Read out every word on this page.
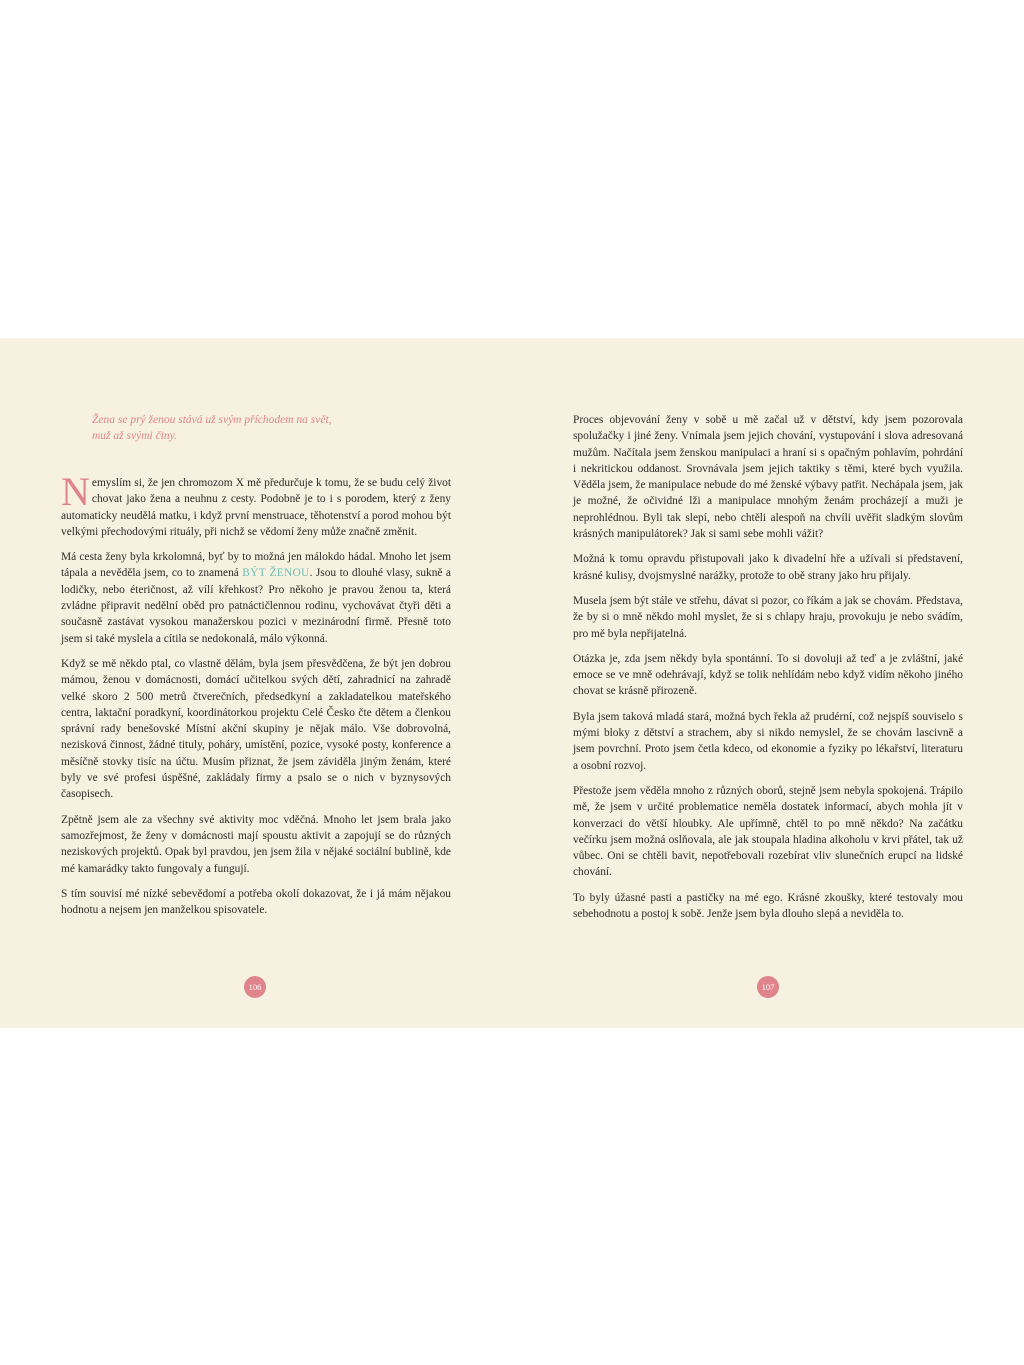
Žena se prý ženou stává už svým příchodem na svět,
muž až svými činy.

Nemyslím si, že jen chromozom X mě předurčuje k tomu, že se budu celý život chovat jako žena a neuhnu z cesty. Podobně je to i s porodem, který z ženy automaticky neudělá matku, i když první menstruace, těhotenství a porod mohou být velkými přechodovými rituály, při nichž se vědomí ženy může značně změnit.

Má cesta ženy byla krkolomná, byť by to možná jen málokdo hádal. Mnoho let jsem tápala a nevěděla jsem, co to znamená BÝT ŽENOU. Jsou to dlouhé vlasy, sukně a lodičky, nebo éteričnost, až vílí křehkost? Pro někoho je pravou ženou ta, která zvládne připravit nedělní oběd pro patnáctičlennou rodinu, vychovávat čtyři děti a současně zastávat vysokou manažerskou pozici v mezinárodní firmě. Přesně toto jsem si také myslela a cítila se nedokonalá, málo výkonná.

Když se mě někdo ptal, co vlastně dělám, byla jsem přesvědčena, že být jen dobrou mámou, ženou v domácnosti, domácí učitelkou svých dětí, zahradnicí na zahradě velké skoro 2 500 metrů čtverečních, předsedkyní a zakladatelkou mateřského centra, laktační poradkyní, koordinátorkou projektu Celé Česko čte dětem a členkou správní rady benešovské Místní akční skupiny je nějak málo. Vše dobrovolná, nezisková činnost, žádné tituly, poháry, umístění, pozice, vysoké posty, konference a měsíčně stovky tisíc na účtu. Musím přiznat, že jsem záviděla jiným ženám, které byly ve své profesi úspěšné, zakládaly firmy a psalo se o nich v byznysových časopisech.

Zpětně jsem ale za všechny své aktivity moc vděčná. Mnoho let jsem brala jako samozřejmost, že ženy v domácnosti mají spoustu aktivit a zapojují se do různých neziskových projektů. Opak byl pravdou, jen jsem žila v nějaké sociální bublině, kde mé kamarádky takto fungovaly a fungují.

S tím souvisí mé nízké sebevědomí a potřeba okolí dokazovat, že i já mám nějakou hodnotu a nejsem jen manželkou spisovatele.

106

Proces objevování ženy v sobě u mě začal už v dětství, kdy jsem pozorovala spolužačky i jiné ženy. Vnímala jsem jejich chování, vystupování i slova adresovaná mužům. Načítala jsem ženskou manipulaci a hraní si s opačným pohlavím, pohrdání i nekritickou oddanost. Srovnávala jsem jejich taktiky s těmi, které bych využila. Věděla jsem, že manipulace nebude do mé ženské výbavy patřit. Nechápala jsem, jak je možné, že očividné lži a manipulace mnohým ženám procházejí a muži je neprohlédnou. Byli tak slepí, nebo chtěli alespoň na chvíli uvěřit sladkým slovům krásných manipulátorek? Jak si sami sebe mohli vážit?

Možná k tomu opravdu přistupovali jako k divadelní hře a užívali si představení, krásné kulisy, dvojsmyslné narážky, protože to obě strany jako hru přijaly.

Musela jsem být stále ve střehu, dávat si pozor, co říkám a jak se chovám. Představa, že by si o mně někdo mohl myslet, že si s chlapy hraju, provokuju je nebo svádím, pro mě byla nepřijatelná.

Otázka je, zda jsem někdy byla spontánní. To si dovoluji až teď a je zvláštní, jaké emoce se ve mně odehrávají, když se tolik nehlídám nebo když vidím někoho jiného chovat se krásně přirozeně.

Byla jsem taková mladá stará, možná bych řekla až prudérní, což nejspíš souviselo s mými bloky z dětství a strachem, aby si nikdo nemyslel, že se chovám lascivně a jsem povrchní. Proto jsem četla kdeco, od ekonomie a fyziky po lékařství, literaturu a osobní rozvoj.

Přestože jsem věděla mnoho z různých oborů, stejně jsem nebyla spokojená. Trápilo mě, že jsem v určité problematice neměla dostatek informací, abych mohla jít v konverzaci do větší hloubky. Ale upřímně, chtěl to po mně někdo? Na začátku večírku jsem možná oslňovala, ale jak stoupala hladina alkoholu v krvi přátel, tak už vůbec. Oni se chtěli bavit, nepotřebovali rozebírat vliv slunečních erupcí na lidské chování.

To byly úžasné pasti a pastičky na mé ego. Krásné zkoušky, které testovaly mou sebehodnotu a postoj k sobě. Jenže jsem byla dlouho slepá a neviděla to.

107
